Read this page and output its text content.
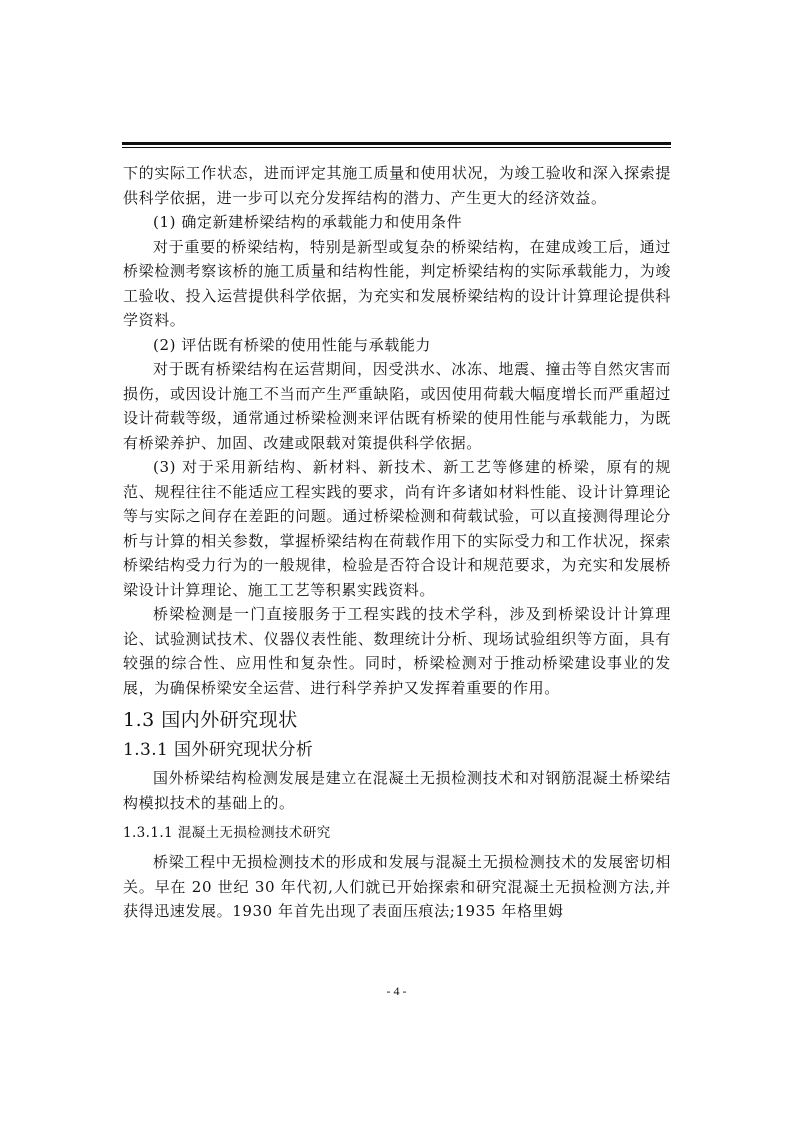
下的实际工作状态，进而评定其施工质量和使用状况，为竣工验收和深入探索提供科学依据，进一步可以充分发挥结构的潜力、产生更大的经济效益。

(1) 确定新建桥梁结构的承载能力和使用条件

对于重要的桥梁结构，特别是新型或复杂的桥梁结构，在建成竣工后，通过桥梁检测考察该桥的施工质量和结构性能，判定桥梁结构的实际承载能力，为竣工验收、投入运营提供科学依据，为充实和发展桥梁结构的设计计算理论提供科学资料。

(2) 评估既有桥梁的使用性能与承载能力

对于既有桥梁结构在运营期间，因受洪水、冰冻、地震、撞击等自然灾害而损伤，或因设计施工不当而产生严重缺陷，或因使用荷载大幅度增长而严重超过设计荷载等级，通常通过桥梁检测来评估既有桥梁的使用性能与承载能力，为既有桥梁养护、加固、改建或限载对策提供科学依据。

(3) 对于采用新结构、新材料、新技术、新工艺等修建的桥梁，原有的规范、规程往往不能适应工程实践的要求，尚有许多诸如材料性能、设计计算理论等与实际之间存在差距的问题。通过桥梁检测和荷载试验，可以直接测得理论分析与计算的相关参数，掌握桥梁结构在荷载作用下的实际受力和工作状况，探索桥梁结构受力行为的一般规律，检验是否符合设计和规范要求，为充实和发展桥梁设计计算理论、施工工艺等积累实践资料。

桥梁检测是一门直接服务于工程实践的技术学科，涉及到桥梁设计计算理论、试验测试技术、仪器仪表性能、数理统计分析、现场试验组织等方面，具有较强的综合性、应用性和复杂性。同时，桥梁检测对于推动桥梁建设事业的发展，为确保桥梁安全运营、进行科学养护又发挥着重要的作用。

1.3 国内外研究现状
1.3.1 国外研究现状分析

国外桥梁结构检测发展是建立在混凝土无损检测技术和对钢筋混凝土桥梁结构模拟技术的基础上的。

1.3.1.1 混凝土无损检测技术研究

桥梁工程中无损检测技术的形成和发展与混凝土无损检测技术的发展密切相关。早在 20 世纪 30 年代初,人们就已开始探索和研究混凝土无损检测方法,并获得迅速发展。1930 年首先出现了表面压痕法;1935 年格里姆

- 4 -
